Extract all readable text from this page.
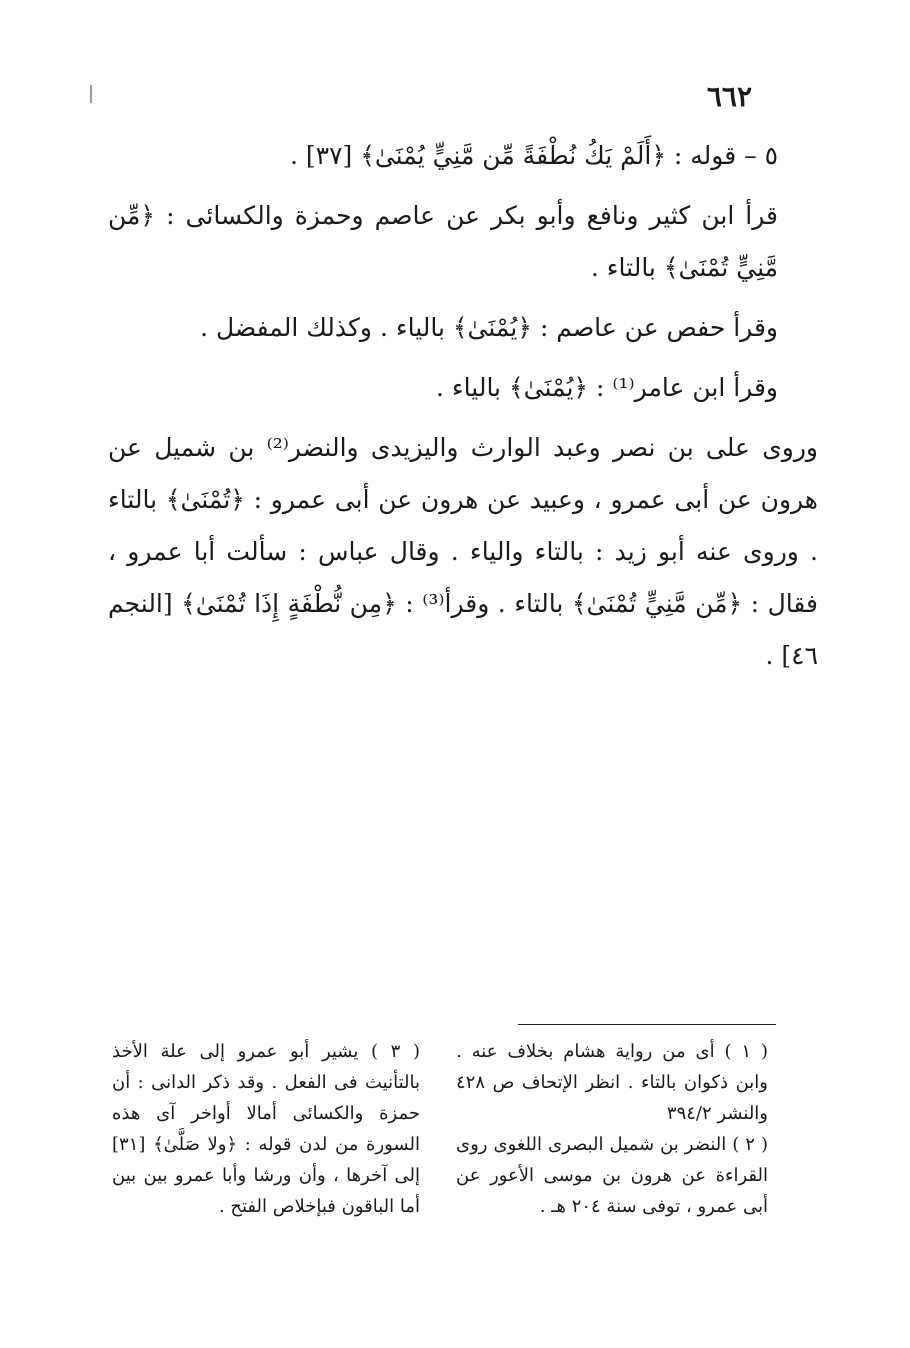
٦٦٢

٥ – قوله : ﴿أَلَمْ يَكُ نُطْفَةً مِّن مَّنِيٍّ يُمْنَىٰ﴾ [٣٧] .

قرأ ابن كثير ونافع وأبو بكر عن عاصم وحمزة والكسائى : ﴿مِّن مَّنِيٍّ تُمْنَىٰ﴾ بالتاء .

وقرأ حفص عن عاصم : ﴿يُمْنَىٰ﴾ بالياء . وكذلك المفضل .

وقرأ ابن عامر⁽¹⁾ : ﴿يُمْنَىٰ﴾ بالياء .

وروى على بن نصر وعبد الوارث واليزيدى والنضر⁽²⁾ بن شميل عن هرون عن أبى عمرو ، وعبيد عن هرون عن أبى عمرو : ﴿تُمْنَىٰ﴾ بالتاء . وروى عنه أبو زيد : بالتاء والياء . وقال عباس : سألت أبا عمرو ، فقال : ﴿مِّن مَّنِيٍّ تُمْنَىٰ﴾ بالتاء . وقرأ⁽³⁾ : ﴿مِن نُّطْفَةٍ إِذَا تُمْنَىٰ﴾ [النجم ٤٦] .

( ١ ) أى من رواية هشام بخلاف عنه . وابن ذكوان بالتاء . انظر الإتحاف ص ٤٢٨ والنشر ٣٩٤/٢

( ٢ ) النضر بن شميل البصرى اللغوى روى القراءة عن هرون بن موسى الأعور عن أبى عمرو ، توفى سنة ٢٠٤ هـ .

( ٣ ) يشير أبو عمرو إلى علة الأخذ بالتأنيث فى الفعل . وقد ذكر الدانى : أن حمزة والكسائى أمالا أواخر آى هذه السورة من لدن قوله : ﴿ولا صَلَّىٰ﴾ [٣١] إلى آخرها ، وأن ورشا وأبا عمرو بين بين أما الباقون فبإخلاص الفتح .
